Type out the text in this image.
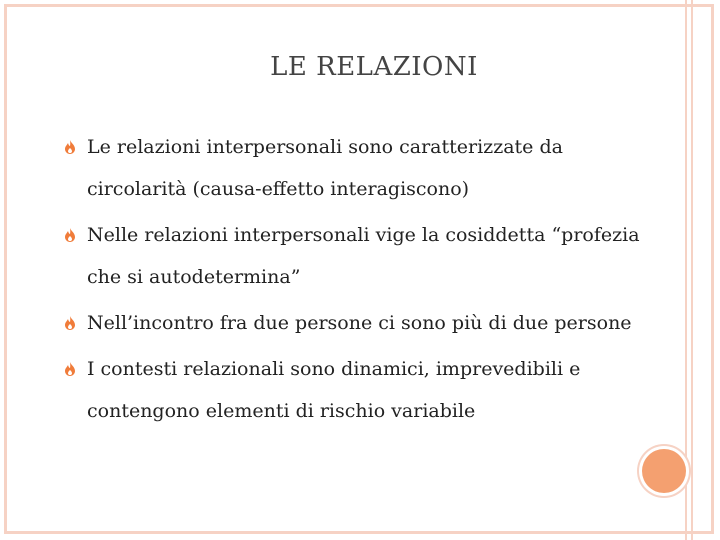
LE RELAZIONI
Le relazioni interpersonali sono caratterizzate da circolarità (causa-effetto interagiscono)
Nelle relazioni interpersonali vige la cosiddetta “profezia che si autodetermina”
Nell’incontro fra due persone ci sono più di due persone
I contesti relazionali sono dinamici, imprevedibili e contengono elementi di rischio variabile
